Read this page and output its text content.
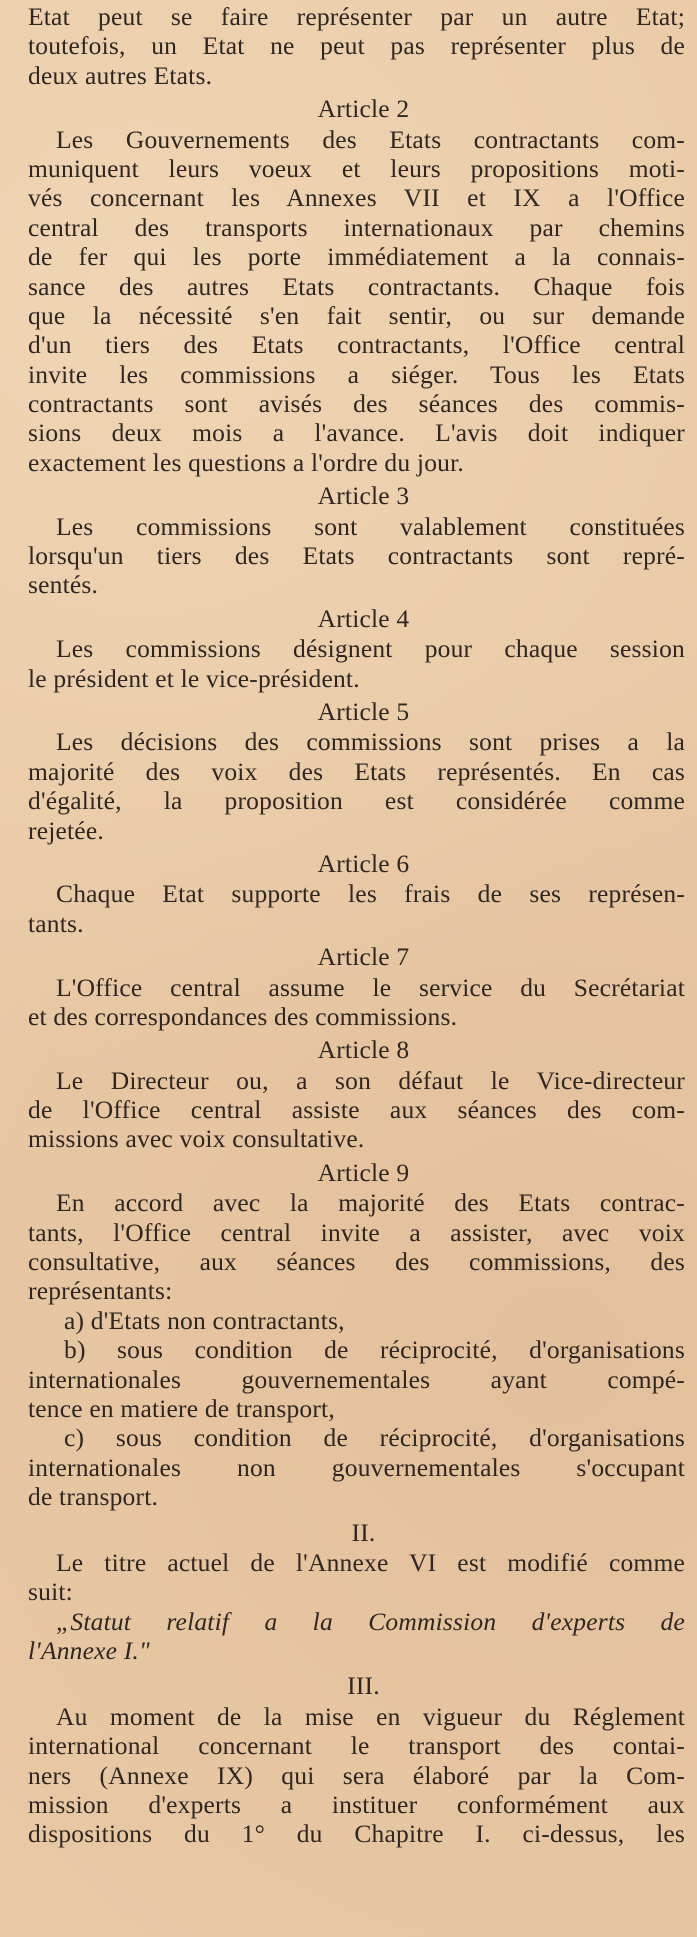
Etat peut se faire représenter par un autre Etat;
toutefois, un Etat ne peut pas représenter plus de
deux autres Etats.
Article 2
Les Gouvernements des Etats contractants com-
muniquent leurs voeux et leurs propositions moti-
vés concernant les Annexes VII et IX a l'Office
central des transports internationaux par chemins
de fer qui les porte immédiatement a la connais-
sance des autres Etats contractants. Chaque fois
que la nécessité s'en fait sentir, ou sur demande
d'un tiers des Etats contractants, l'Office central
invite les commissions a siéger. Tous les Etats
contractants sont avisés des séances des commis-
sions deux mois a l'avance. L'avis doit indiquer
exactement les questions a l'ordre du jour.
Article 3
Les commissions sont valablement constituées
lorsqu'un tiers des Etats contractants sont repré-
sentés.
Article 4
Les commissions désignent pour chaque session
le président et le vice-président.
Article 5
Les décisions des commissions sont prises a la
majorité des voix des Etats représentés. En cas
d'égalité, la proposition est considérée comme
rejetée.
Article 6
Chaque Etat supporte les frais de ses représen-
tants.
Article 7
L'Office central assume le service du Secrétariat
et des correspondances des commissions.
Article 8
Le Directeur ou, a son défaut le Vice-directeur
de l'Office central assiste aux séances des com-
missions avec voix consultative.
Article 9
En accord avec la majorité des Etats contrac-
tants, l'Office central invite a assister, avec voix
consultative, aux séances des commissions, des
représentants:
a) d'Etats non contractants,
b) sous condition de réciprocité, d'organisations
internationales gouvernementales ayant compé-
tence en matiere de transport,
c) sous condition de réciprocité, d'organisations
internationales non gouvernementales s'occupant
de transport.
II.
Le titre actuel de l'Annexe VI est modifié comme
suit:
„Statut relatif a la Commission d'experts de
l'Annexe I."
III.
Au moment de la mise en vigueur du Réglement
international concernant le transport des contai-
ners (Annexe IX) qui sera élaboré par la Com-
mission d'experts a instituer conformément aux
dispositions du 1° du Chapitre I. ci-dessus, les
